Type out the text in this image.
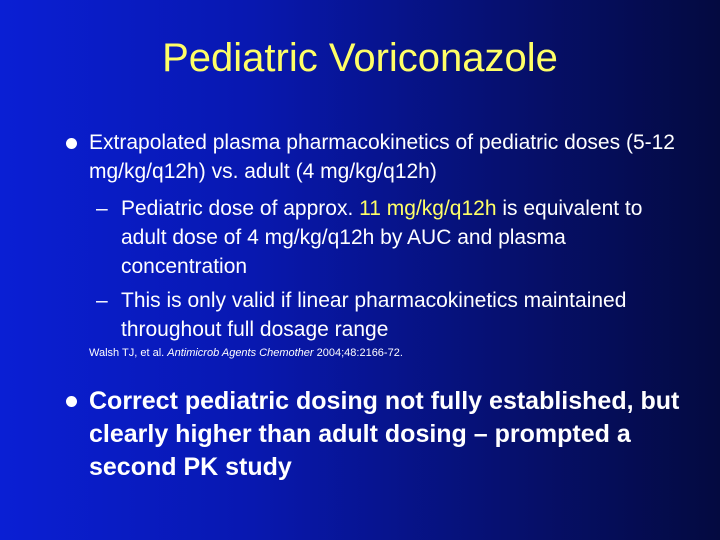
Pediatric Voriconazole
Extrapolated plasma pharmacokinetics of pediatric doses (5-12 mg/kg/q12h) vs. adult (4 mg/kg/q12h)
– Pediatric dose of approx. 11 mg/kg/q12h is equivalent to adult dose of 4 mg/kg/q12h by AUC and plasma concentration
– This is only valid if linear pharmacokinetics maintained throughout full dosage range
Walsh TJ, et al. Antimicrob Agents Chemother 2004;48:2166-72.
Correct pediatric dosing not fully established, but clearly higher than adult dosing – prompted a second PK study
